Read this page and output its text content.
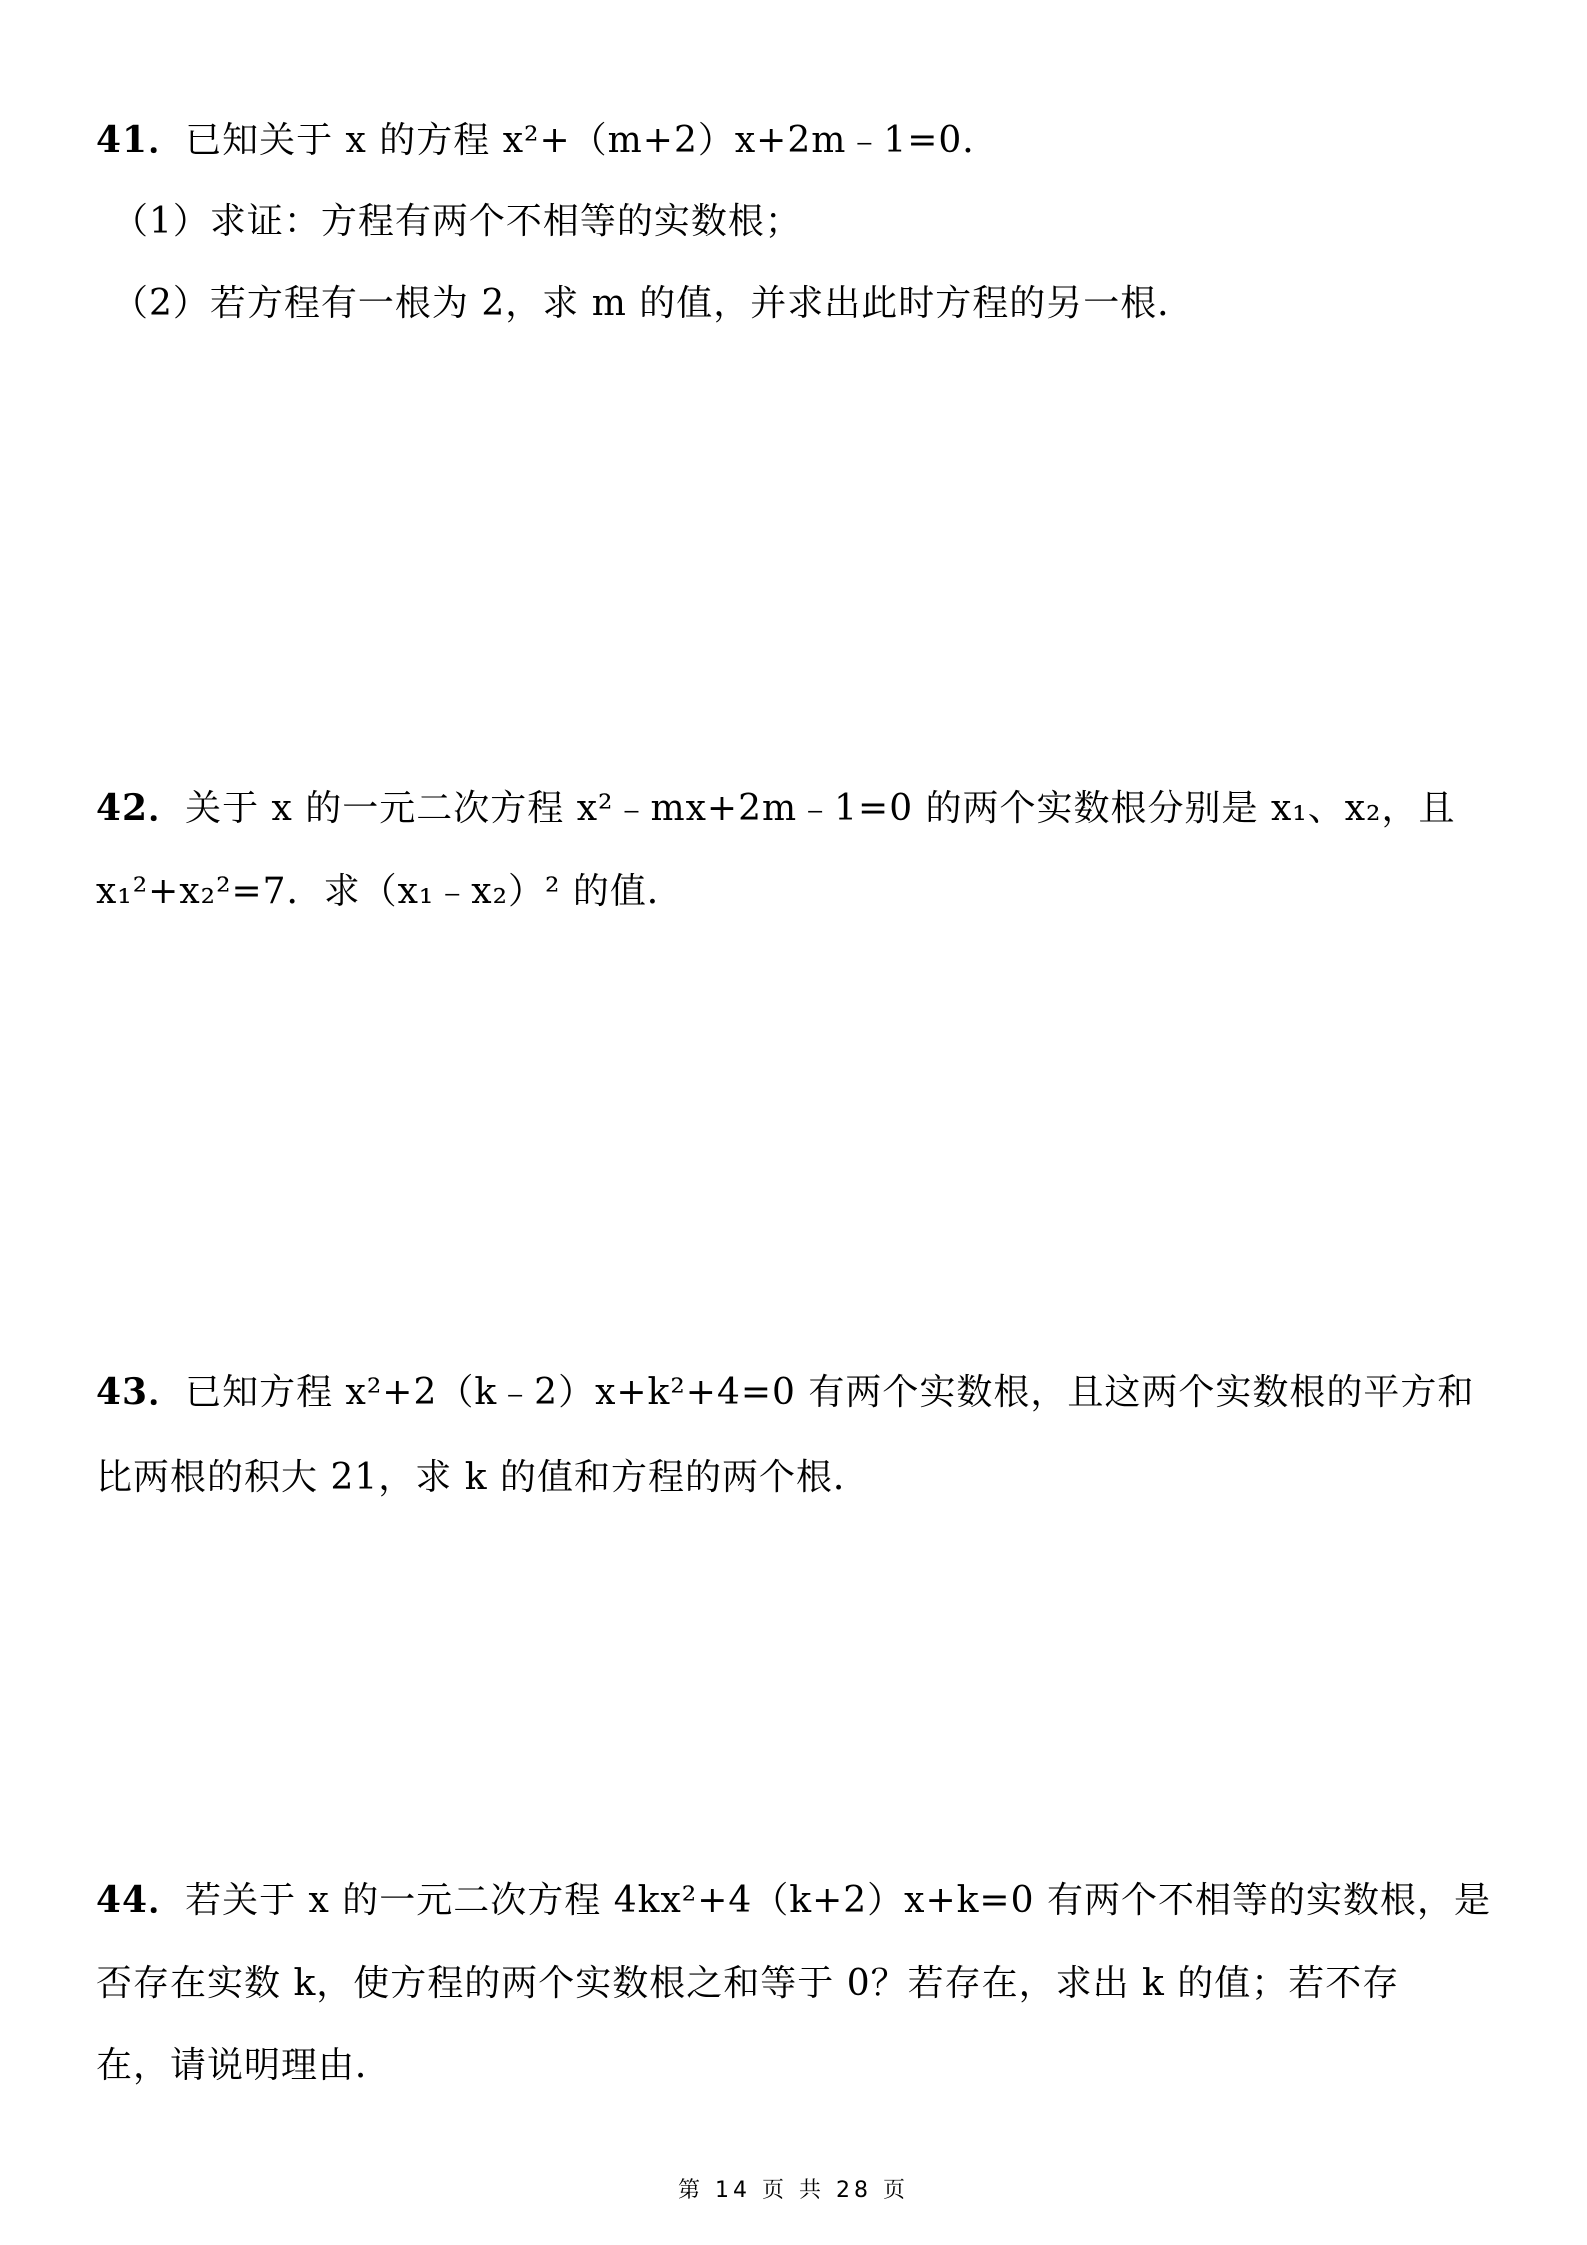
41．已知关于 x 的方程 x²+（m+2）x+2m﹣1=0．
（1）求证：方程有两个不相等的实数根；
（2）若方程有一根为 2，求 m 的值，并求出此时方程的另一根．
42．关于 x 的一元二次方程 x²﹣mx+2m﹣1=0 的两个实数根分别是 x₁、x₂，且
x₁²+x₂²=7．求（x₁﹣x₂）² 的值．
43．已知方程 x²+2（k﹣2）x+k²+4=0 有两个实数根，且这两个实数根的平方和
比两根的积大 21，求 k 的值和方程的两个根．
44．若关于 x 的一元二次方程 4kx²+4（k+2）x+k=0 有两个不相等的实数根，是
否存在实数 k，使方程的两个实数根之和等于 0？若存在，求出 k 的值；若不存
在，请说明理由．
第 14 页 共 28 页
